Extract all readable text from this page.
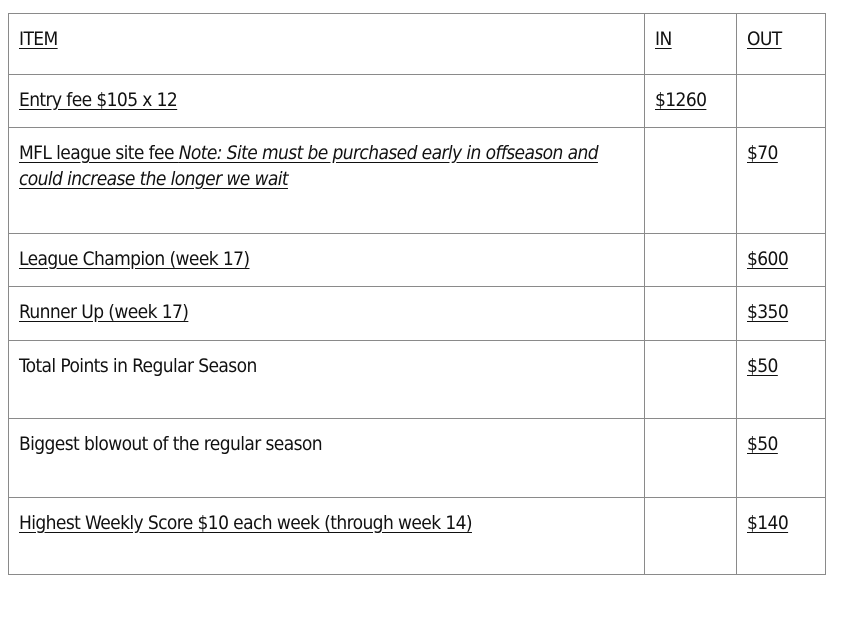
ITEM	IN	OUT
Entry fee $105 x 12	$1260	
MFL league site fee Note: Site must be purchased early in offseason and could increase the longer we wait		$70
League Champion (week 17)		$600
Runner Up (week 17)		$350
Total Points in Regular Season		$50
Biggest blowout of the regular season		$50
Highest Weekly Score $10 each week (through week 14)		$140
